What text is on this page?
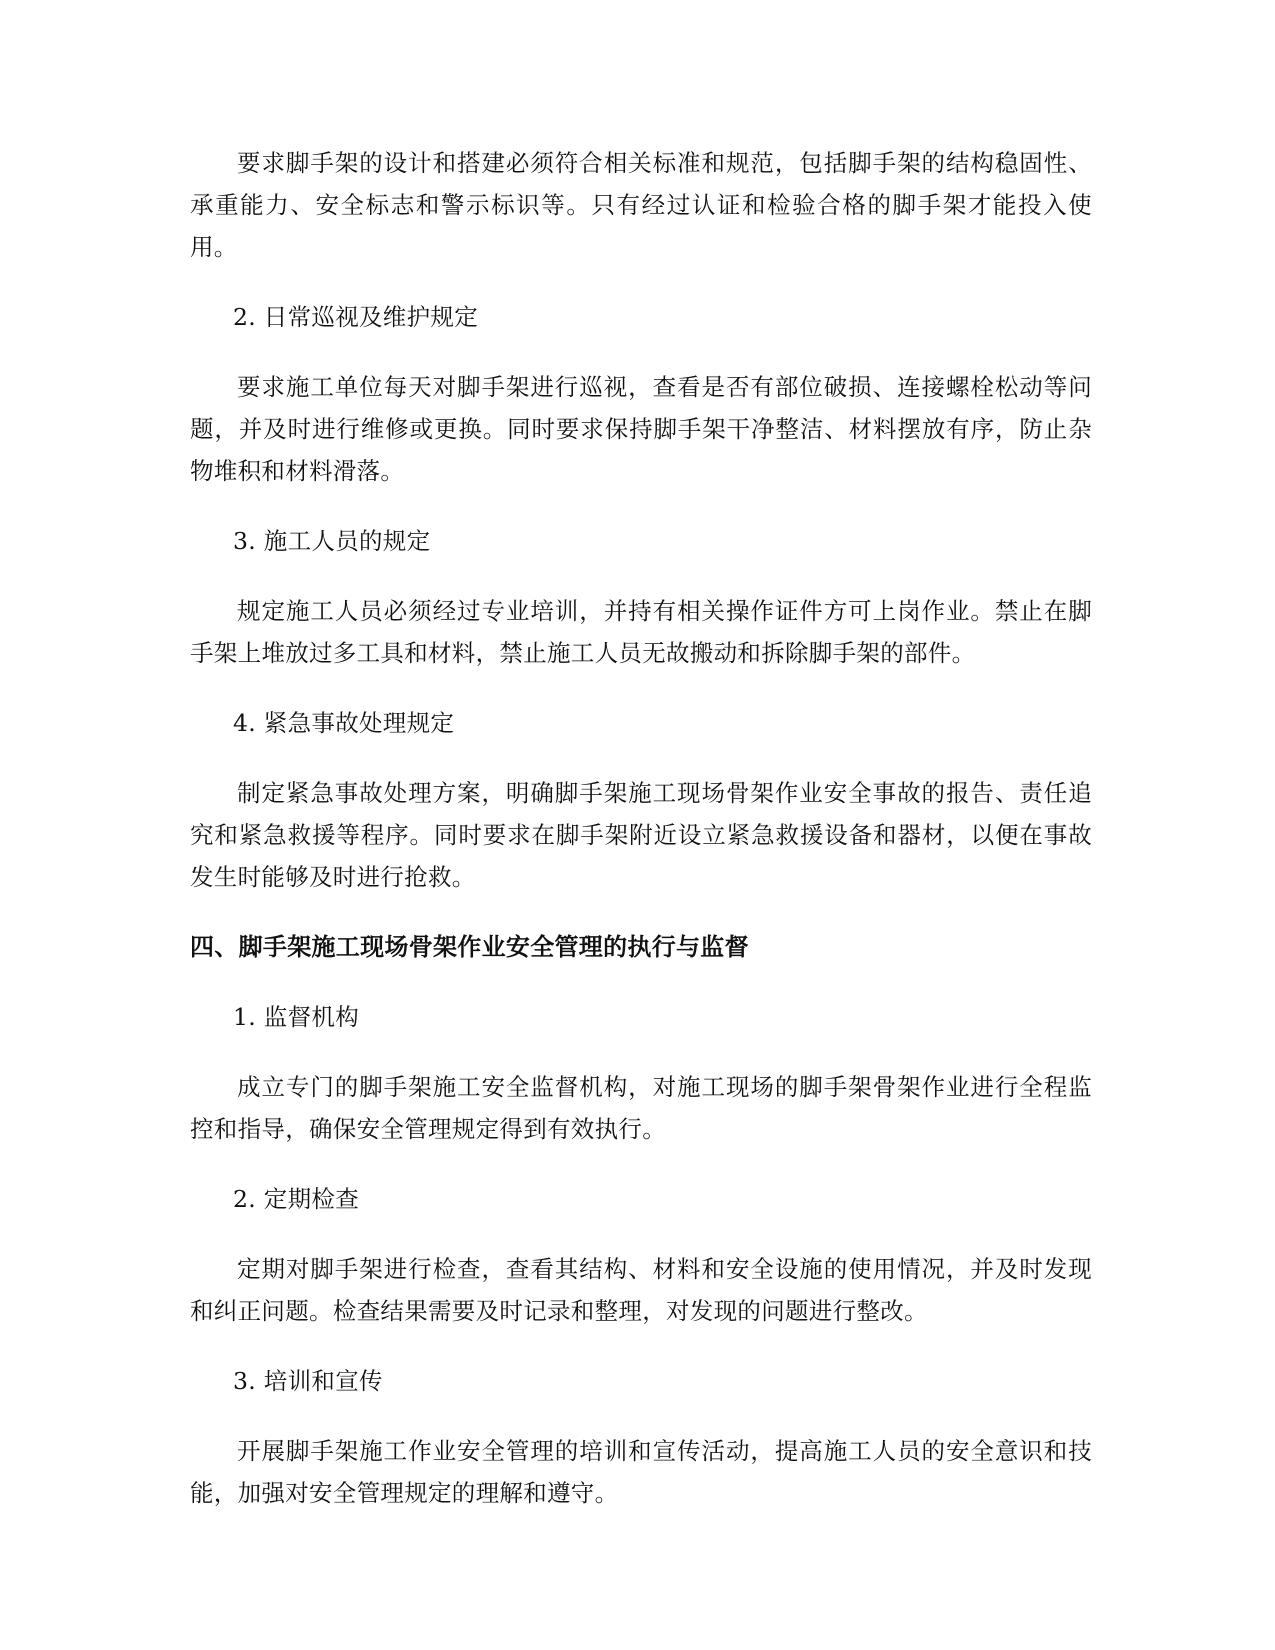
要求脚手架的设计和搭建必须符合相关标准和规范，包括脚手架的结构稳固性、承重能力、安全标志和警示标识等。只有经过认证和检验合格的脚手架才能投入使用。

2. 日常巡视及维护规定

要求施工单位每天对脚手架进行巡视，查看是否有部位破损、连接螺栓松动等问题，并及时进行维修或更换。同时要求保持脚手架干净整洁、材料摆放有序，防止杂物堆积和材料滑落。

3. 施工人员的规定

规定施工人员必须经过专业培训，并持有相关操作证件方可上岗作业。禁止在脚手架上堆放过多工具和材料，禁止施工人员无故搬动和拆除脚手架的部件。

4. 紧急事故处理规定

制定紧急事故处理方案，明确脚手架施工现场骨架作业安全事故的报告、责任追究和紧急救援等程序。同时要求在脚手架附近设立紧急救援设备和器材，以便在事故发生时能够及时进行抢救。

四、脚手架施工现场骨架作业安全管理的执行与监督

1. 监督机构

成立专门的脚手架施工安全监督机构，对施工现场的脚手架骨架作业进行全程监控和指导，确保安全管理规定得到有效执行。

2. 定期检查

定期对脚手架进行检查，查看其结构、材料和安全设施的使用情况，并及时发现和纠正问题。检查结果需要及时记录和整理，对发现的问题进行整改。

3. 培训和宣传

开展脚手架施工作业安全管理的培训和宣传活动，提高施工人员的安全意识和技能，加强对安全管理规定的理解和遵守。
